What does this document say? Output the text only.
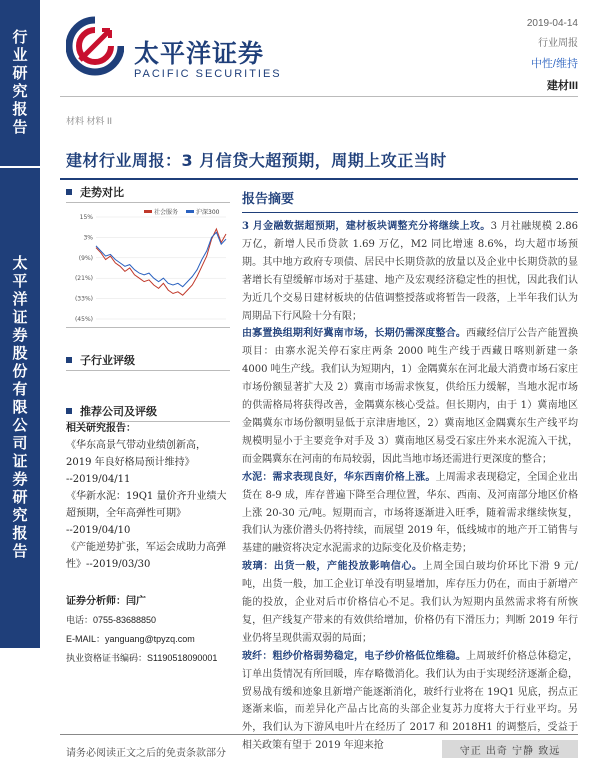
行业研究报告
太平洋证券股份有限公司证券研究报告
太平洋证券
PACIFIC SECURITIES
2019-04-14
行业周报
中性/维持
建材III
材料 材料 II
建材行业周报：3 月信贷大超预期，周期上攻正当时
走势对比
15%
3%
(9%)
(21%)
(33%)
(45%)
社会服务	沪深300
子行业评级
推荐公司及评级
相关研究报告：
《华东高景气带动业绩创新高，2019 年良好格局预计维持》
--2019/04/11
《华新水泥：19Q1 量价齐升业绩大超预期，全年高弹性可期》
--2019/04/10
《产能逆势扩张，军运会成助力高弹性》--2019/03/30
证券分析师：闫广
电话：0755-83688850
E-MAIL：yanguang@tpyzq.com
执业资格证书编码：S1190518090001
报告摘要

3 月金融数据超预期，建材板块调整充分将继续上攻。3 月社融规模 2.86 万亿，新增人民币贷款 1.69 万亿，M2 同比增速 8.6%，均大超市场预期。其中地方政府专项债、居民中长期贷款的放量以及企业中长期贷款的显著增长有望缓解市场对于基建、地产及宏观经济稳定性的担忧，因此我们认为近几个交易日建材板块的估值调整授落或将暂告一段落，上半年我们认为周期品下行风险十分有限；

由寡置换组期利好冀南市场，长期仍需深度整合。西藏经信厅公告产能置换项目：由寨水泥关停石家庄两条 2000 吨生产线于西藏日喀则新建一条 4000 吨生产线。我们认为短期内，1）金隅冀东在河北最大消费市场石家庄市场份额显著扩大及 2）冀南市场需求恢复，供给压力缓解，当地水泥市场的供需格局将获得改善，金隅冀东核心受益。但长期内，由于 1）冀南地区金隅冀东市场份额明显低于京津唐地区，2）冀南地区金隅冀东生产线平均规模明显小于主要竞争对手及 3）冀南地区易受石家庄外来水泥流入干扰，而金隅冀东在河南的布局较弱，因此当地市场还需进行更深度的整合；

水泥：需求表现良好，华东西南价格上涨。上周需求表现稳定，全国企业出货在 8-9 成，库存普遍下降至合理位置，华东、西南、及河南部分地区价格上涨 20-30 元/吨。短期而言，市场将逐渐进入旺季，随着需求继续恢复，我们认为涨价潜头仍将持续，而展望 2019 年，低线城市的地产开工销售与基建的融资将决定水泥需求的边际变化及价格走势；

玻璃：出货一般，产能投放影响信心。上周全国白玻均价环比下滑 9 元/吨，出货一般，加工企业订单没有明显增加，库存压力仍在，而由于新增产能的投放，企业对后市价格信心不足。我们认为短期内虽然需求将有所恢复，但产线复产带来的有效供给增加，价格仍有下滑压力；判断 2019 年行业仍将呈现供需双弱的局面；

玻纤：粗纱价格弱势稳定，电子纱价格低位维稳。上周玻纤价格总体稳定，订单出货情况有所回暖，库存略微消化。我们认为由于实现经济逐渐企稳，贸易战有缓和迹象且新增产能逐渐消化，玻纤行业将在 19Q1 见底，拐点正逐渐来临，而差异化产品占比高的头部企业复苏力度将大于行业平均。另外，我们认为下游风电叶片在经历了 2017 和 2018H1 的调整后，受益于相关政策有望于 2019 年迎来抢

请务必阅读正文之后的免责条款部分	守正 出奇 宁静 致远
